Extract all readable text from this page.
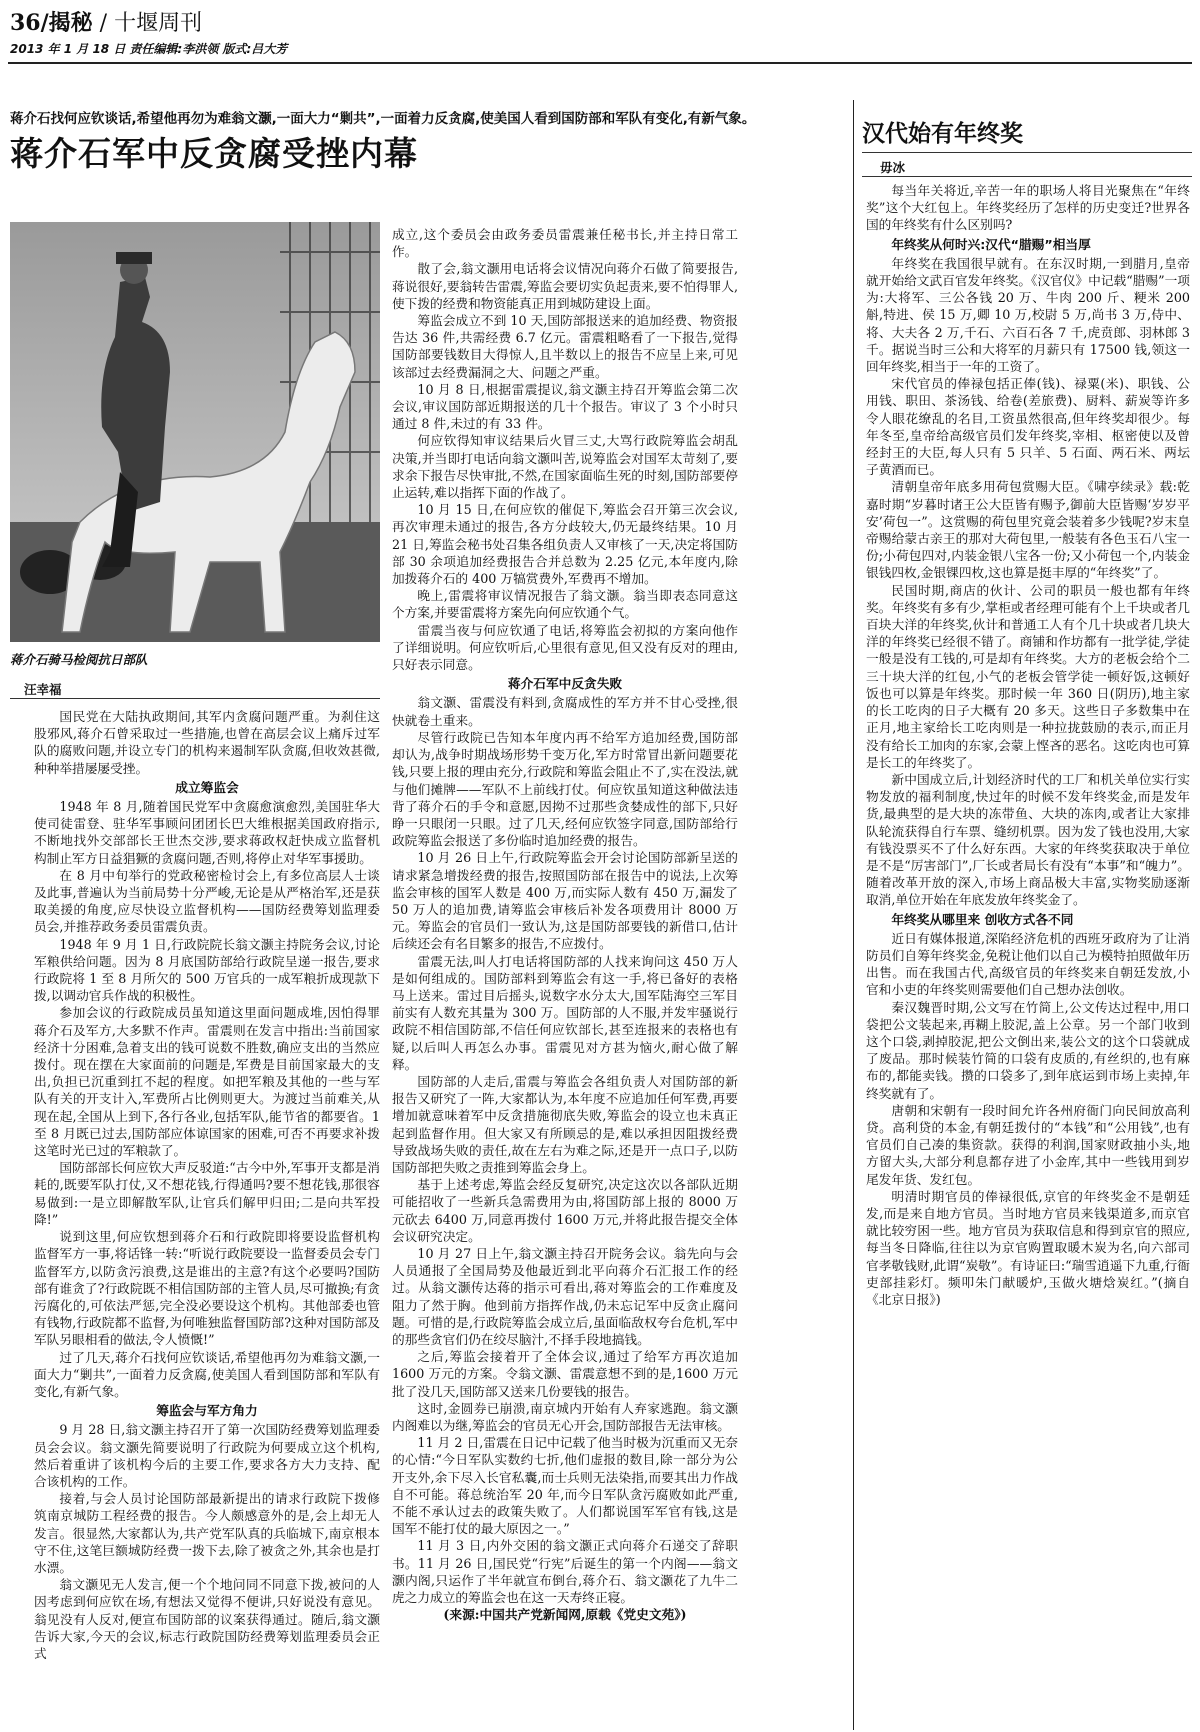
36/揭秘 / 十堰周刊
2013 年 1 月 18 日 责任编辑:李洪领 版式:吕大芳
蒋介石找何应钦谈话,希望他再勿为难翁文灏,一面大力“剿共”,一面着力反贪腐,使美国人看到国防部和军队有变化,有新气象。
蒋介石军中反贪腐受挫内幕
蒋介石骑马检阅抗日部队
汪幸福

国民党在大陆执政期间,其军内贪腐问题严重。为刹住这股邪风,蒋介石曾采取过一些措施,也曾在高层会议上痛斥过军队的腐败问题,并设立专门的机构来遏制军队贪腐,但收效甚微,种种举措屡屡受挫。

成立筹监会

1948 年 8 月,随着国民党军中贪腐愈演愈烈,美国驻华大使司徒雷登、驻华军事顾问团团长巴大维根据美国政府指示,不断地找外交部部长王世杰交涉,要求蒋政权赶快成立监督机构制止军方日益猖獗的贪腐问题,否则,将停止对华军事援助。

在 8 月中旬举行的党政秘密检讨会上,有多位高层人士谈及此事,普遍认为当前局势十分严峻,无论是从严格治军,还是获取美援的角度,应尽快设立监督机构——国防经费筹划监理委员会,并推荐政务委员雷震负责。

1948 年 9 月 1 日,行政院院长翁文灏主持院务会议,讨论军粮供给问题。因为 8 月底国防部给行政院呈递一报告,要求行政院将 1 至 8 月所欠的 500 万官兵的一成军粮折成现款下拨,以调动官兵作战的积极性。

参加会议的行政院成员虽知道这里面问题成堆,因怕得罪蒋介石及军方,大多默不作声。雷震则在发言中指出:当前国家经济十分困难,急着支出的钱可说数不胜数,确应支出的当然应拨付。现在摆在大家面前的问题是,军费是目前国家最大的支出,负担已沉重到扛不起的程度。如把军粮及其他的一些与军队有关的开支计入,军费所占比例则更大。为渡过当前难关,从现在起,全国从上到下,各行各业,包括军队,能节省的都要省。1 至 8 月既已过去,国防部应体谅国家的困难,可否不再要求补拨这笔时光已过的军粮款了。

国防部部长何应钦大声反驳道:“古今中外,军事开支都是消耗的,既要军队打仗,又不想花钱,行得通吗?要不想花钱,那很容易做到:一是立即解散军队,让官兵们解甲归田;二是向共军投降!”

说到这里,何应钦想到蒋介石和行政院即将要设监督机构监督军方一事,将话锋一转:“听说行政院要设一监督委员会专门监督军方,以防贪污浪费,这是谁出的主意?有这个必要吗?国防部有谁贪了?行政院既不相信国防部的主管人员,尽可撤换;有贪污腐化的,可依法严惩,完全没必要设这个机构。其他部委也管有钱物,行政院都不监督,为何唯独监督国防部?这种对国防部及军队另眼相看的做法,令人愤慨!”

过了几天,蒋介石找何应钦谈话,希望他再勿为难翁文灏,一面大力“剿共”,一面着力反贪腐,使美国人看到国防部和军队有变化,有新气象。

筹监会与军方角力

9 月 28 日,翁文灏主持召开了第一次国防经费筹划监理委员会会议。翁文灏先简要说明了行政院为何要成立这个机构,然后着重讲了该机构今后的主要工作,要求各方大力支持、配合该机构的工作。

接着,与会人员讨论国防部最新提出的请求行政院下拨修筑南京城防工程经费的报告。今人颇感意外的是,会上却无人发言。很显然,大家都认为,共产党军队真的兵临城下,南京根本守不住,这笔巨额城防经费一拨下去,除了被贪之外,其余也是打水漂。

翁文灏见无人发言,便一个个地问同不同意下拨,被问的人因考虑到何应钦在场,有想法又觉得不便讲,只好说没有意见。翁见没有人反对,便宣布国防部的议案获得通过。随后,翁文灏告诉大家,今天的会议,标志行政院国防经费筹划监理委员会正式

成立,这个委员会由政务委员雷震兼任秘书长,并主持日常工作。

散了会,翁文灏用电话将会议情况向蒋介石做了简要报告,蒋说很好,要翁转告雷震,筹监会要切实负起责来,要不怕得罪人,使下拨的经费和物资能真正用到城防建设上面。

筹监会成立不到 10 天,国防部报送来的追加经费、物资报告达 36 件,共需经费 6.7 亿元。雷震粗略看了一下报告,觉得国防部要钱数目大得惊人,且半数以上的报告不应呈上来,可见该部过去经费漏洞之大、问题之严重。

10 月 8 日,根据雷震提议,翁文灏主持召开筹监会第二次会议,审议国防部近期报送的几十个报告。审议了 3 个小时只通过 8 件,未过的有 33 件。

何应钦得知审议结果后火冒三丈,大骂行政院筹监会胡乱决策,并当即打电话向翁文灏叫苦,说筹监会对国军太苛刻了,要求余下报告尽快审批,不然,在国家面临生死的时刻,国防部要停止运转,难以指挥下面的作战了。

10 月 15 日,在何应钦的催促下,筹监会召开第三次会议,再次审理未通过的报告,各方分歧较大,仍无最终结果。10 月 21 日,筹监会秘书处召集各组负责人又审核了一天,决定将国防部 30 余项追加经费报告合并总数为 2.25 亿元,本年度内,除加拨蒋介石的 400 万犒赏费外,军费再不增加。

晚上,雷震将审议情况报告了翁文灏。翁当即表态同意这个方案,并要雷震将方案先向何应钦通个气。

雷震当夜与何应钦通了电话,将筹监会初拟的方案向他作了详细说明。何应钦听后,心里很有意见,但又没有反对的理由,只好表示同意。

蒋介石军中反贪失败

翁文灏、雷震没有料到,贪腐成性的军方并不甘心受挫,很快就卷土重来。

尽管行政院已告知本年度内再不给军方追加经费,国防部却认为,战争时期战场形势千变万化,军方时常冒出新问题要花钱,只要上报的理由充分,行政院和筹监会阻止不了,实在没法,就与他们摊牌——军队不上前线打仗。何应钦虽知道这种做法违背了蒋介石的手令和意愿,因拗不过那些贪婪成性的部下,只好睁一只眼闭一只眼。过了几天,经何应钦签字同意,国防部给行政院筹监会报送了多份临时追加经费的报告。

10 月 26 日上午,行政院筹监会开会讨论国防部新呈送的请求紧急增拨经费的报告,按照国防部在报告中的说法,上次筹监会审核的国军人数是 400 万,而实际人数有 450 万,漏发了 50 万人的追加费,请筹监会审核后补发各项费用计 8000 万元。筹监会的官员们一致认为,这是国防部要钱的新借口,估计后续还会有名目繁多的报告,不应拨付。

雷震无法,叫人打电话将国防部的人找来询问这 450 万人是如何组成的。国防部料到筹监会有这一手,将已备好的表格马上送来。雷过目后摇头,说数字水分太大,国军陆海空三军目前实有人数充其量为 300 万。国防部的人不服,并发牢骚说行政院不相信国防部,不信任何应钦部长,甚至连报来的表格也有疑,以后叫人再怎么办事。雷震见对方甚为恼火,耐心做了解释。

国防部的人走后,雷震与筹监会各组负责人对国防部的新报告又研究了一阵,大家都认为,本年度不应追加任何军费,再要增加就意味着军中反贪措施彻底失败,筹监会的设立也未真正起到监督作用。但大家又有所顾忌的是,难以承担因阻拨经费导致战场失败的责任,故在左右为难之际,还是开一点口子,以防国防部把失败之责推到筹监会身上。

基于上述考虑,筹监会经反复研究,决定这次以各部队近期可能招收了一些新兵急需费用为由,将国防部上报的 8000 万元砍去 6400 万,同意再拨付 1600 万元,并将此报告提交全体会议研究决定。

10 月 27 日上午,翁文灏主持召开院务会议。翁先向与会人员通报了全国局势及他最近到北平向蒋介石汇报工作的经过。从翁文灏传达蒋的指示可看出,蒋对筹监会的工作难度及阻力了然于胸。他到前方指挥作战,仍未忘记军中反贪止腐问题。可惜的是,行政院筹监会成立后,虽面临敌权夸台危机,军中的那些贪官们仍在绞尽脑汁,不择手段地搞钱。

之后,筹监会接着开了全体会议,通过了给军方再次追加 1600 万元的方案。令翁文灏、雷震意想不到的是,1600 万元批了没几天,国防部又送来几份要钱的报告。

这时,金圆券已崩溃,南京城内开始有人弃家逃跑。翁文灏内阁难以为继,筹监会的官员无心开会,国防部报告无法审核。

11 月 2 日,雷震在日记中记载了他当时极为沉重而又无奈的心情:“今日军队实数约七折,他们虚报的数目,除一部分为公开支外,余下尽入长官私囊,而士兵则无法染指,而要其出力作战自不可能。蒋总统治军 20 年,而今日军队贪污腐败如此严重,不能不承认过去的政策失败了。人们都说国军军官有钱,这是国军不能打仗的最大原因之一。”

11 月 3 日,内外交困的翁文灏正式向蒋介石递交了辞职书。11 月 26 日,国民党“行宪”后诞生的第一个内阁——翁文灏内阁,只运作了半年就宣布倒台,蒋介石、翁文灏花了九牛二虎之力成立的筹监会也在这一天寿终正寝。

(来源:中国共产党新闻网,原载《党史文苑》)

汉代始有年终奖
毋冰

每当年关将近,辛苦一年的职场人将目光聚焦在“年终奖”这个大红包上。年终奖经历了怎样的历史变迁?世界各国的年终奖有什么区别吗?

年终奖从何时兴:汉代“腊赐”相当厚

年终奖在我国很早就有。在东汉时期,一到腊月,皇帝就开始给文武百官发年终奖。《汉官仪》中记载“腊赐”一项为:大将军、三公各钱 20 万、牛肉 200 斤、粳米 200 斛,特进、侯 15 万,卿 10 万,校尉 5 万,尚书 3 万,侍中、将、大夫各 2 万,千石、六百石各 7 千,虎贲郎、羽林郎 3 千。据说当时三公和大将军的月薪只有 17500 钱,领这一回年终奖,相当于一年的工资了。

宋代官员的俸禄包括正俸(钱)、禄粟(米)、职钱、公用钱、职田、茶汤钱、给卷(差旅费)、厨料、薪炭等许多令人眼花缭乱的名目,工资虽然很高,但年终奖却很少。每年冬至,皇帝给高级官员们发年终奖,宰相、枢密使以及曾经封王的大臣,每人只有 5 只羊、5 石面、两石米、两坛子黄酒而已。

清朝皇帝年底多用荷包赏赐大臣。《啸亭续录》载:乾嘉时期“岁暮时诸王公大臣皆有赐予,御前大臣皆赐‘岁岁平安’荷包一”。这赏赐的荷包里究竟会装着多少钱呢?岁末皇帝赐给蒙古亲王的那对大荷包里,一般装有各色玉石八宝一份;小荷包四对,内装金银八宝各一份;又小荷包一个,内装金银钱四枚,金银锞四枚,这也算是挺丰厚的“年终奖”了。

民国时期,商店的伙计、公司的职员一般也都有年终奖。年终奖有多有少,掌柜或者经理可能有个上千块或者几百块大洋的年终奖,伙计和普通工人有个几十块或者几块大洋的年终奖已经很不错了。商铺和作坊都有一批学徒,学徒一般是没有工钱的,可是却有年终奖。大方的老板会给个二三十块大洋的红包,小气的老板会管学徒一顿好饭,这顿好饭也可以算是年终奖。那时候一年 360 日(阴历),地主家的长工吃肉的日子大概有 20 多天。这些日子多数集中在正月,地主家给长工吃肉则是一种拉拢鼓励的表示,而正月没有给长工加肉的东家,会蒙上悭吝的恶名。这吃肉也可算是长工的年终奖了。

新中国成立后,计划经济时代的工厂和机关单位实行实物发放的福利制度,快过年的时候不发年终奖金,而是发年货,最典型的是大块的冻带鱼、大块的冻肉,或者让大家排队轮流获得自行车票、缝纫机票。因为发了钱也没用,大家有钱没票买不了什么好东西。大家的年终奖获取决于单位是不是“厉害部门”,厂长或者局长有没有“本事”和“魄力”。随着改革开放的深入,市场上商品极大丰富,实物奖励逐渐取消,单位开始在年底发放年终奖金了。

年终奖从哪里来 创收方式各不同

近日有媒体报道,深陷经济危机的西班牙政府为了让消防员们自筹年终奖金,免税让他们以自己为模特拍照做年历出售。而在我国古代,高级官员的年终奖来自朝廷发放,小官和小吏的年终奖则需要他们自己想办法创收。

秦汉魏晋时期,公文写在竹简上,公文传达过程中,用口袋把公文装起来,再糊上胶泥,盖上公章。另一个部门收到这个口袋,剥掉胶泥,把公文倒出来,装公文的这个口袋就成了废品。那时候装竹简的口袋有皮质的,有丝织的,也有麻布的,都能卖钱。攒的口袋多了,到年底运到市场上卖掉,年终奖就有了。

唐朝和宋朝有一段时间允许各州府衙门向民间放高利贷。高利贷的本金,有朝廷拨付的“本钱”和“公用钱”,也有官员们自己凑的集资款。获得的利润,国家财政抽小头,地方留大头,大部分利息都存进了小金库,其中一些钱用到岁尾发年货、发红包。

明清时期官员的俸禄很低,京官的年终奖金不是朝廷发,而是来自地方官员。当时地方官员来钱渠道多,而京官就比较穷困一些。地方官员为获取信息和得到京官的照应,每当冬日降临,往往以为京官购置取暖木炭为名,向六部司官孝敬钱财,此谓“炭敬”。有诗证曰:“瑞雪逍遥下九重,行衙吏部挂彩灯。频叩朱门献暖炉,玉做火塘焓炭红。”(摘自《北京日报》)
